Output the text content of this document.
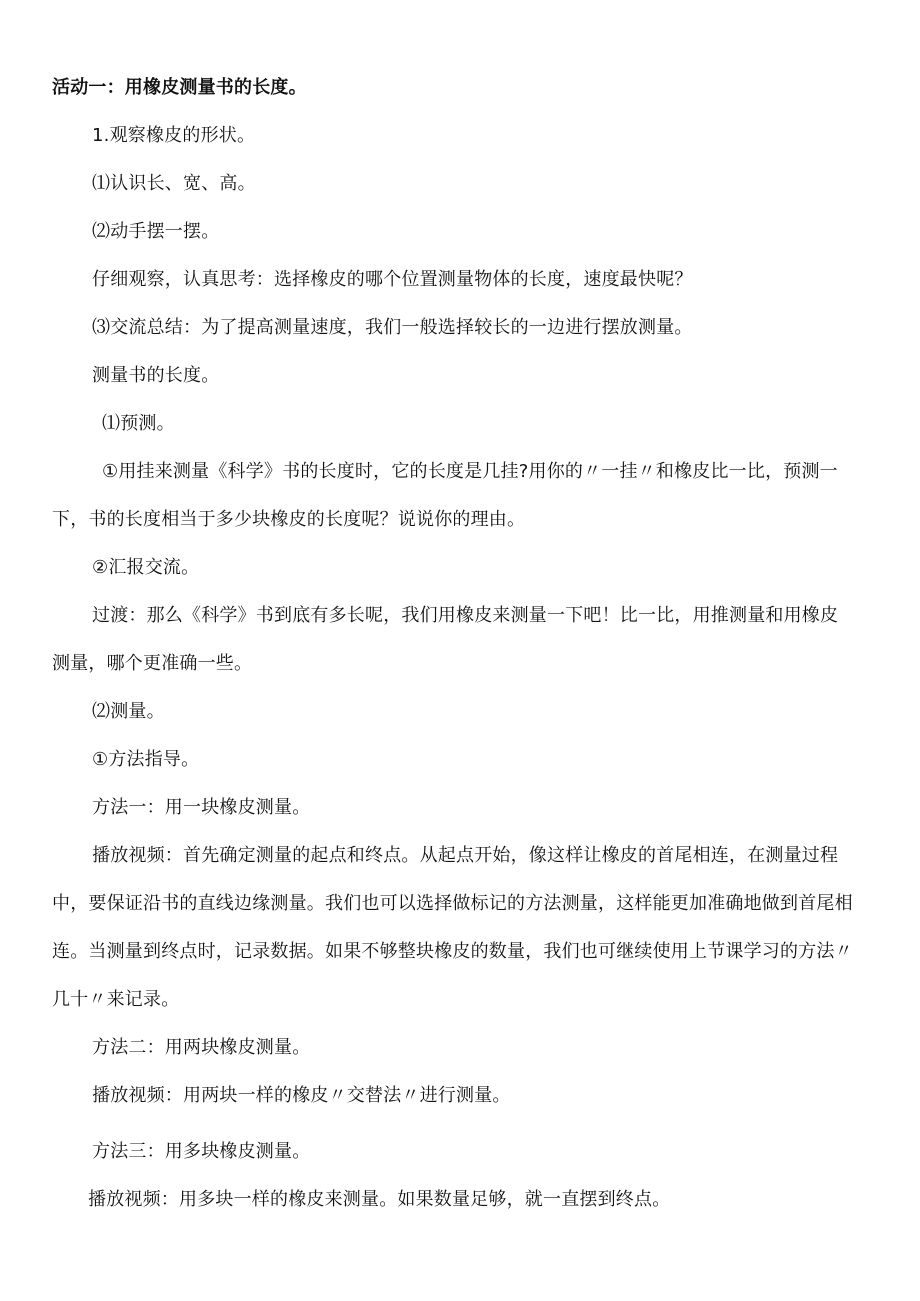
活动一：用橡皮测量书的长度。
1.观察橡皮的形状。
⑴认识长、宽、高。
⑵动手摆一摆。
仔细观察，认真思考：选择橡皮的哪个位置测量物体的长度，速度最快呢？
⑶交流总结：为了提高测量速度，我们一般选择较长的一边进行摆放测量。
测量书的长度。
⑴预测。
①用挂来测量《科学》书的长度时，它的长度是几挂?用你的〃一挂〃和橡皮比一比，预测一
下，书的长度相当于多少块橡皮的长度呢？说说你的理由。
②汇报交流。
过渡：那么《科学》书到底有多长呢，我们用橡皮来测量一下吧！比一比，用推测量和用橡皮
测量，哪个更准确一些。
⑵测量。
①方法指导。
方法一：用一块橡皮测量。
播放视频：首先确定测量的起点和终点。从起点开始，像这样让橡皮的首尾相连，在测量过程
中，要保证沿书的直线边缘测量。我们也可以选择做标记的方法测量，这样能更加准确地做到首尾相
连。当测量到终点时，记录数据。如果不够整块橡皮的数量，我们也可继续使用上节课学习的方法〃
几十〃来记录。
方法二：用两块橡皮测量。
播放视频：用两块一样的橡皮〃交替法〃进行测量。
方法三：用多块橡皮测量。
播放视频：用多块一样的橡皮来测量。如果数量足够，就一直摆到终点。
